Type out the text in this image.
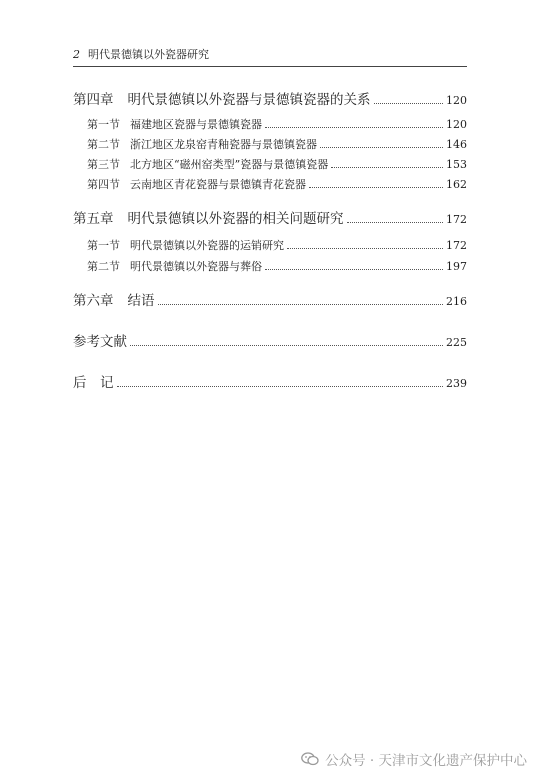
2 明代景德镇以外瓷器研究
第四章 明代景德镇以外瓷器与景德镇瓷器的关系	120
第一节 福建地区瓷器与景德镇瓷器	120
第二节 浙江地区龙泉窑青釉瓷器与景德镇瓷器	146
第三节 北方地区“磁州窑类型”瓷器与景德镇瓷器	153
第四节 云南地区青花瓷器与景德镇青花瓷器	162
第五章 明代景德镇以外瓷器的相关问题研究	172
第一节 明代景德镇以外瓷器的运销研究	172
第二节 明代景德镇以外瓷器与葬俗	197
第六章 结语	216
参考文献	225
后　记	239
公众号 · 天津市文化遗产保护中心
